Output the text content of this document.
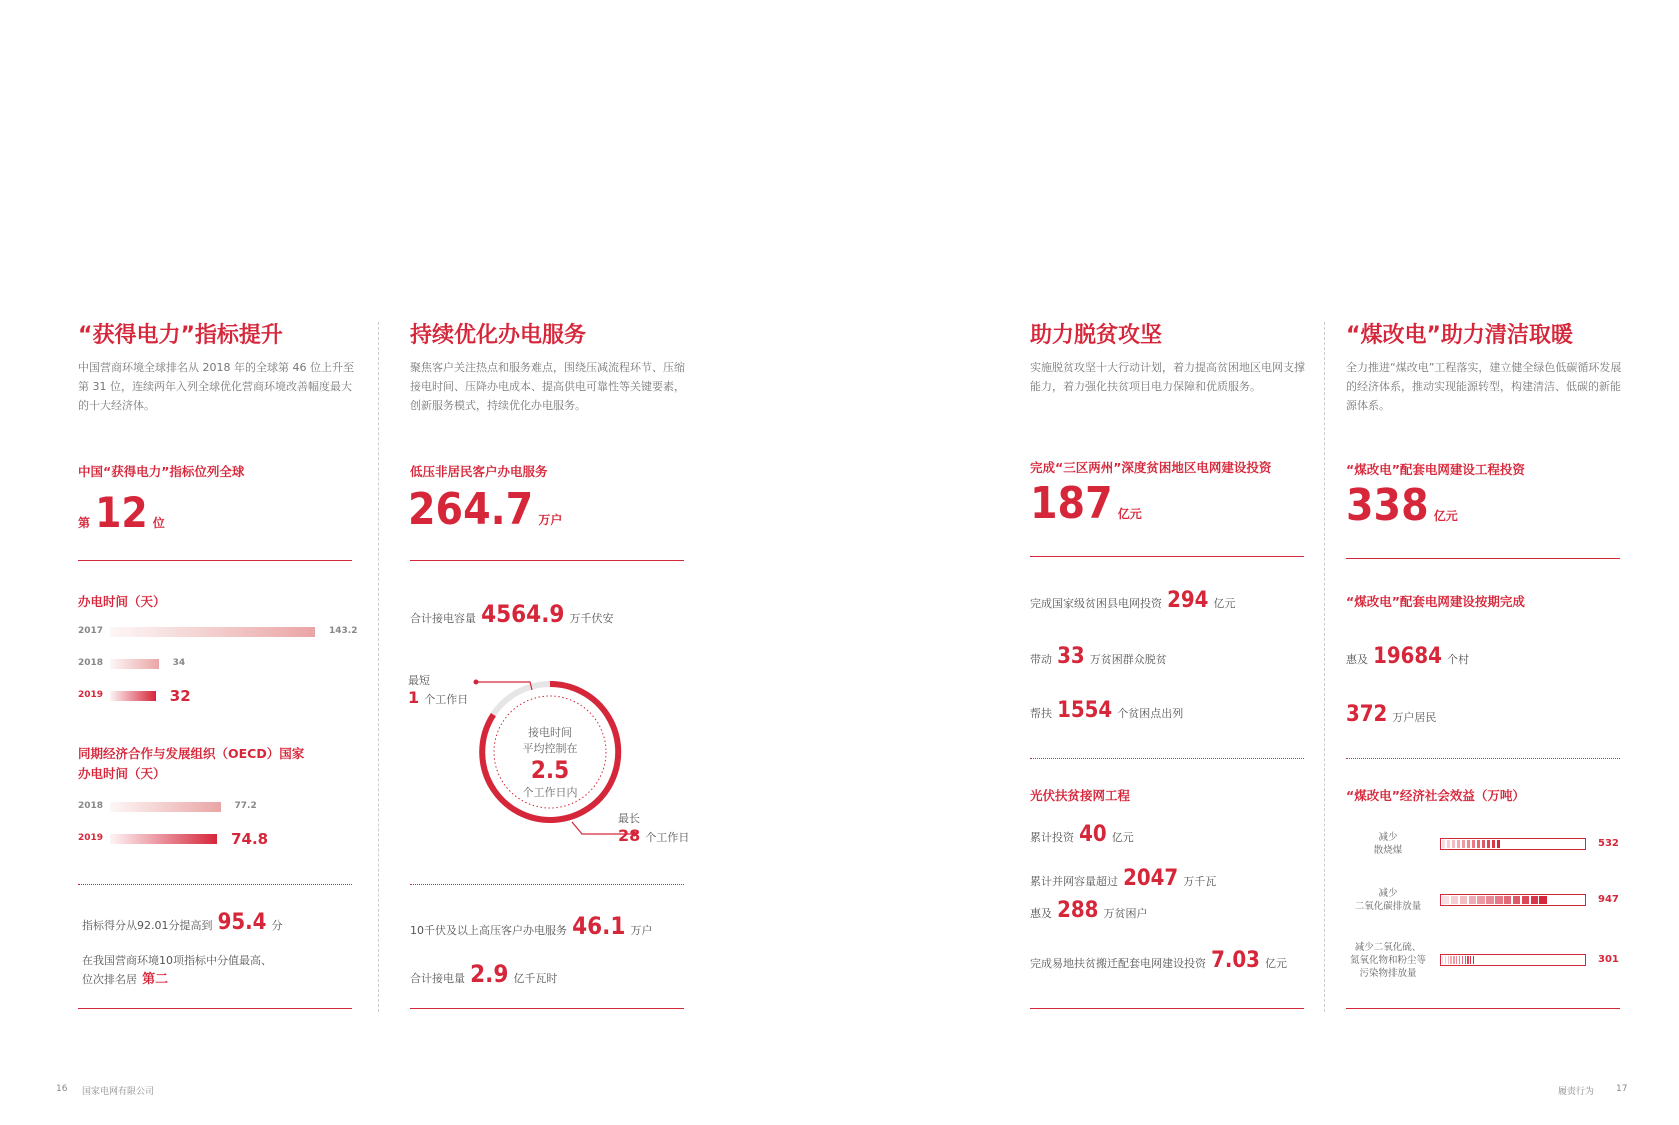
“获得电力”指标提升
中国营商环境全球排名从 2018 年的全球第 46 位上升至第 31 位，连续两年入列全球优化营商环境改善幅度最大的十大经济体。
中国“获得电力”指标位列全球
第 12 位
办电时间（天）
2017	143.2
2018	34
2019	32
同期经济合作与发展组织（OECD）国家
办电时间（天）
2018	77.2
2019	74.8
指标得分从92.01分提高到 95.4 分
在我国营商环境10项指标中分值最高、
位次排名居 第二
持续优化办电服务
聚焦客户关注热点和服务难点，围绕压减流程环节、压缩接电时间、压降办电成本、提高供电可靠性等关键要素，创新服务模式，持续优化办电服务。
低压非居民客户办电服务
264.7 万户
合计接电容量 4564.9 万千伏安
最短
1 个工作日
接电时间
平均控制在
2.5
个工作日内
最长
28 个工作日
10千伏及以上高压客户办电服务 46.1 万户
合计接电量 2.9 亿千瓦时
16 国家电网有限公司
助力脱贫攻坚
实施脱贫攻坚十大行动计划，着力提高贫困地区电网支撑能力，着力强化扶贫项目电力保障和优质服务。
完成“三区两州”深度贫困地区电网建设投资
187 亿元
完成国家级贫困县电网投资 294 亿元
带动 33 万贫困群众脱贫
帮扶 1554 个贫困点出列
光伏扶贫接网工程
累计投资 40 亿元
累计并网容量超过 2047 万千瓦
惠及 288 万贫困户
完成易地扶贫搬迁配套电网建设投资 7.03 亿元
“煤改电”助力清洁取暖
全力推进“煤改电”工程落实，建立健全绿色低碳循环发展的经济体系，推动实现能源转型，构建清洁、低碳的新能源体系。
“煤改电”配套电网建设工程投资
338 亿元
“煤改电”配套电网建设按期完成
惠及 19684 个村
372 万户居民
“煤改电”经济社会效益（万吨）
减少
散烧煤
532
减少
二氧化碳排放量
947
减少二氧化硫、
氮氧化物和粉尘等
污染物排放量
301
履责行为 17
